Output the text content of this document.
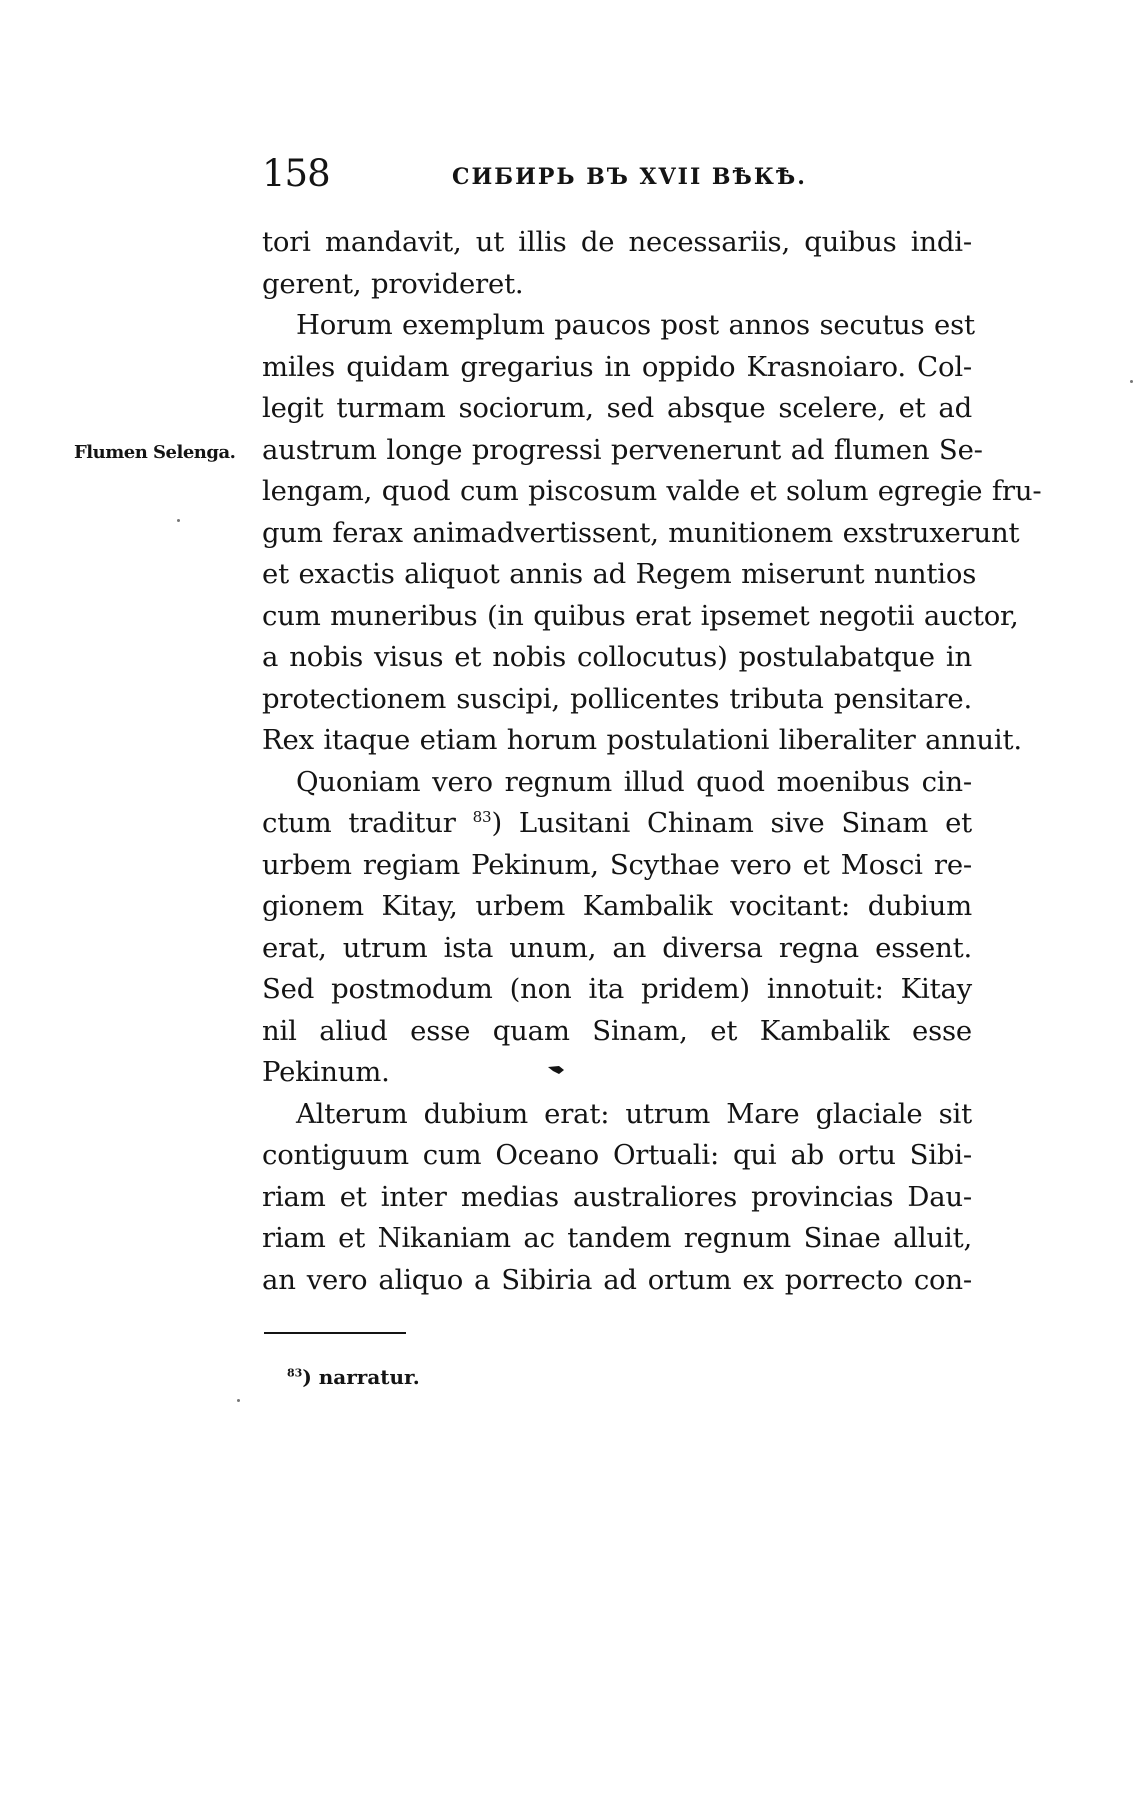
158	СИБИРЬ ВЪ XVII ВѢКѢ.
Flumen Selenga.
tori mandavit, ut illis de necessariis, quibus indi-
gerent, provideret.
Horum exemplum paucos post annos secutus est
miles quidam gregarius in oppido Krasnoiaro. Col-
legit turmam sociorum, sed absque scelere, et ad
austrum longe progressi pervenerunt ad flumen Se-
lengam, quod cum piscosum valde et solum egregie fru-
gum ferax animadvertissent, munitionem exstruxerunt
et exactis aliquot annis ad Regem miserunt nuntios
cum muneribus (in quibus erat ipsemet negotii auctor,
a nobis visus et nobis collocutus) postulabatque in
protectionem suscipi, pollicentes tributa pensitare.
Rex itaque etiam horum postulationi liberaliter annuit.
Quoniam vero regnum illud quod moenibus cin-
ctum traditur $^{83}$) Lusitani Chinam sive Sinam et
urbem regiam Pekinum, Scythae vero et Mosci re-
gionem Kitay, urbem Kambalik vocitant: dubium
erat, utrum ista unum, an diversa regna essent.
Sed postmodum (non ita pridem) innotuit: Kitay
nil aliud esse quam Sinam, et Kambalik esse
Pekinum.
Alterum dubium erat: utrum Mare glaciale sit
contiguum cum Oceano Ortuali: qui ab ortu Sibi-
riam et inter medias australiores provincias Dau-
riam et Nikaniam ac tandem regnum Sinae alluit,
an vero aliquo a Sibiria ad ortum ex porrecto con-
$^{83}$) narratur.
